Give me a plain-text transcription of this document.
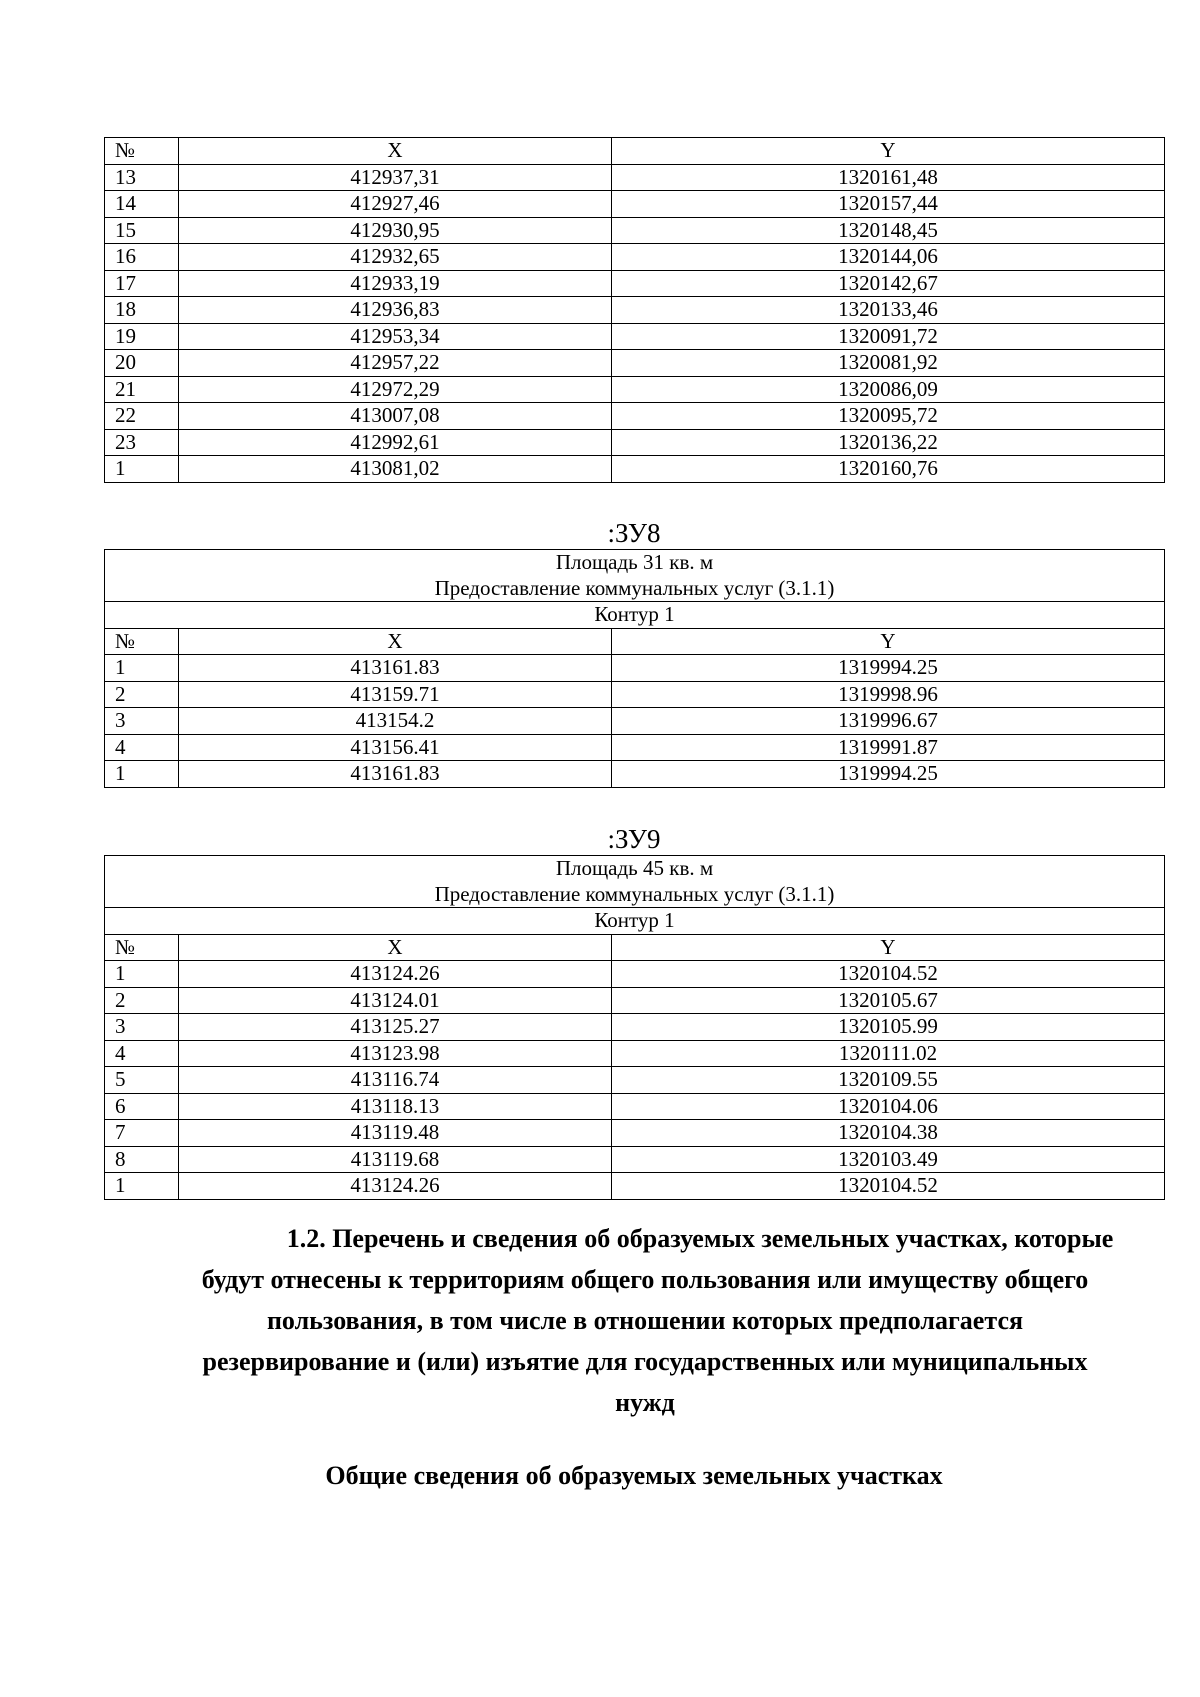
№	X	Y
13	412937,31	1320161,48
14	412927,46	1320157,44
15	412930,95	1320148,45
16	412932,65	1320144,06
17	412933,19	1320142,67
18	412936,83	1320133,46
19	412953,34	1320091,72
20	412957,22	1320081,92
21	412972,29	1320086,09
22	413007,08	1320095,72
23	412992,61	1320136,22
1	413081,02	1320160,76
:ЗУ8
Площадь 31 кв. м		
Предоставление коммунальных услуг (3.1.1)		
Контур 1		
№	X	Y
1	413161.83	1319994.25
2	413159.71	1319998.96
3	413154.2	1319996.67
4	413156.41	1319991.87
1	413161.83	1319994.25
:ЗУ9
Площадь 45 кв. м		
Предоставление коммунальных услуг (3.1.1)		
Контур 1		
№	X	Y
1	413124.26	1320104.52
2	413124.01	1320105.67
3	413125.27	1320105.99
4	413123.98	1320111.02
5	413116.74	1320109.55
6	413118.13	1320104.06
7	413119.48	1320104.38
8	413119.68	1320103.49
1	413124.26	1320104.52
1.2. Перечень и сведения об образуемых земельных участках, которые
будут отнесены к территориям общего пользования или имуществу общего
пользования, в том числе в отношении которых предполагается
резервирование и (или) изъятие для государственных или муниципальных
нужд
Общие сведения об образуемых земельных участках
